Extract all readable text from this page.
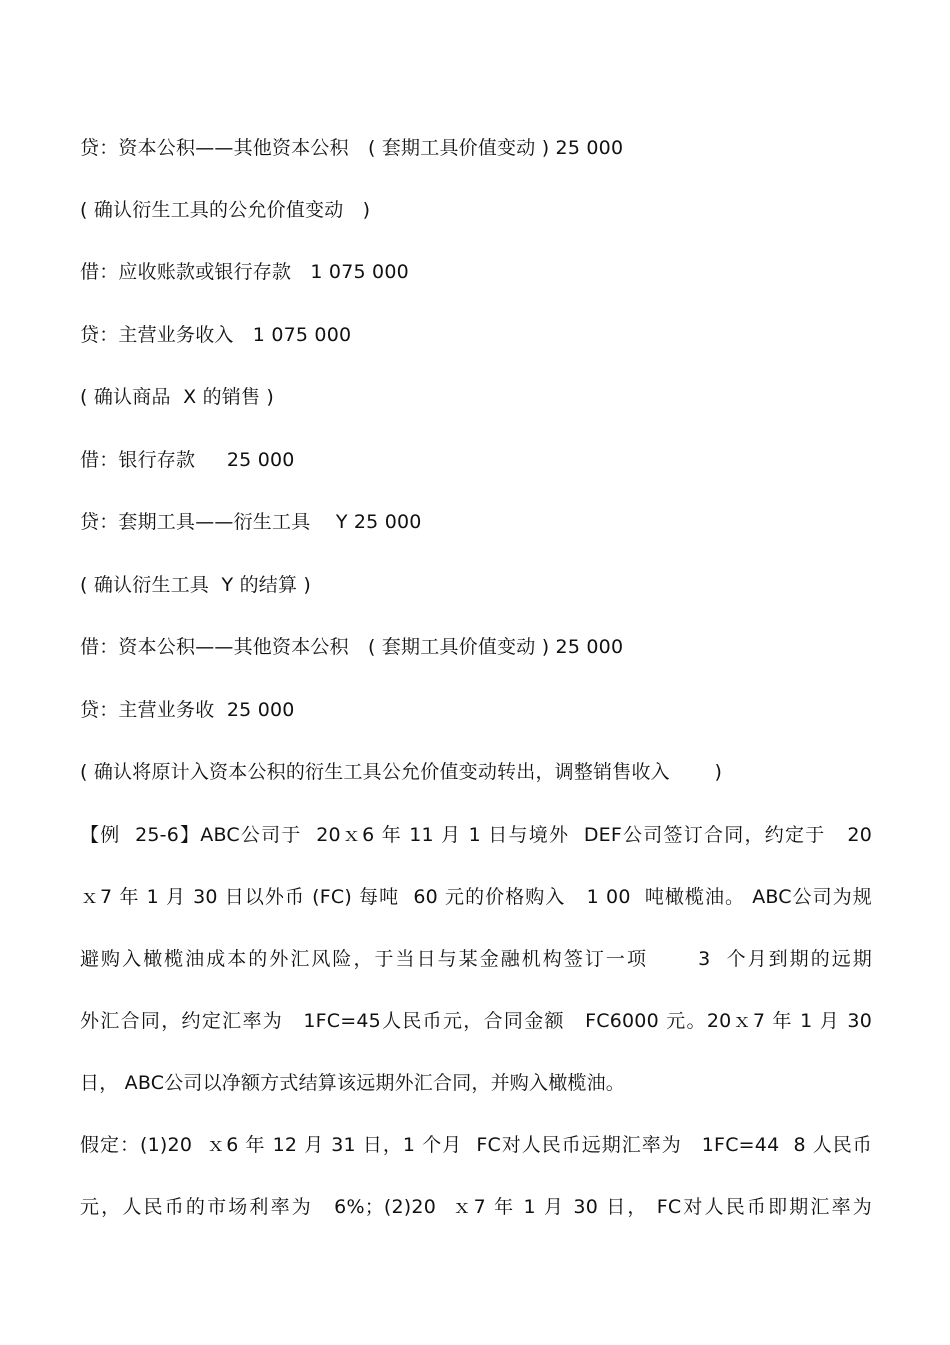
贷：资本公积——其他资本公积　( 套期工具价值变动 ) 25 000
( 确认衍生工具的公允价值变动　)
借：应收账款或银行存款　1 075 000
贷：主营业务收入　1 075 000
( 确认商品  X 的销售 )
借：银行存款　  25 000
贷：套期工具——衍生工具　 Y 25 000
( 确认衍生工具  Y 的结算 )
借：资本公积——其他资本公积　( 套期工具价值变动 ) 25 000
贷：主营业务收  25 000
( 确认将原计入资本公积的衍生工具公允价值变动转出，调整销售收入　　 )
【例  25-6】ABC公司于  20ｘ6 年 11 月 1 日与境外  DEF公司签订合同，约定于   20
ｘ7 年 1 月 30 日以外币 (FC) 每吨  60 元的价格购入   1 00  吨橄榄油。 ABC公司为规
避购入橄榄油成本的外汇风险，于当日与某金融机构签订一项　　 3  个月到期的远期
外汇合同，约定汇率为　1FC=45人民币元，合同金额　FC6000 元。20ｘ7 年 1 月 30
日， ABC公司以净额方式结算该远期外汇合同，并购入橄榄油。
假定：(1)20  ｘ6 年 12 月 31 日，1 个月  FC对人民币远期汇率为　1FC=44  8 人民币
元，人民币的市场利率为　6%；(2)20  ｘ7 年 1 月 30 日， FC对人民币即期汇率为
